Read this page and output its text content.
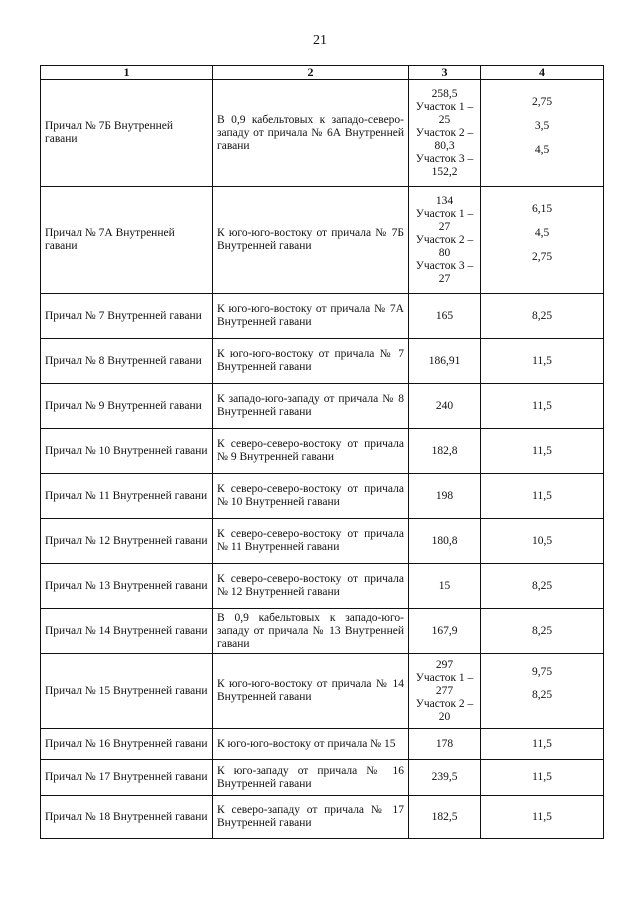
21
1	2	3	4
Причал № 7Б Внутренней гавани	В 0,9 кабельтовых к западо-северо-западу от причала № 6А Внутренней гавани	258,5
Участок 1 – 25
Участок 2 – 80,3
Участок 3 – 152,2	2,75
3,5
4,5

Причал № 7А Внутренней гавани	К юго-юго-востоку от причала № 7Б Внутренней гавани	134
Участок 1 – 27
Участок 2 – 80
Участок 3 – 27	6,15
4,5
2,75

Причал № 7 Внутренней гавани	К юго-юго-востоку от причала № 7А Внутренней гавани	165	8,25

Причал № 8 Внутренней гавани	К юго-юго-востоку от причала № 7 Внутренней гавани	186,91	11,5

Причал № 9 Внутренней гавани	К западо-юго-западу от причала № 8 Внутренней гавани	240	11,5

Причал № 10 Внутренней гавани	К северо-северо-востоку от причала № 9 Внутренней гавани	182,8	11,5

Причал № 11 Внутренней гавани	К северо-северо-востоку от причала № 10 Внутренней гавани	198	11,5

Причал № 12 Внутренней гавани	К северо-северо-востоку от причала № 11 Внутренней гавани	180,8	10,5

Причал № 13 Внутренней гавани	К северо-северо-востоку от причала № 12 Внутренней гавани	15	8,25

Причал № 14 Внутренней гавани	В 0,9 кабельтовых к западо-юго-западу от причала № 13 Внутренней гавани	167,9	8,25

Причал № 15 Внутренней гавани	К юго-юго-востоку от причала № 14 Внутренней гавани	297
Участок 1 – 277
Участок 2 – 20	9,75
8,25

Причал № 16 Внутренней гавани	К юго-юго-востоку от причала № 15	178	11,5

Причал № 17 Внутренней гавани	К юго-западу от причала № 16 Внутренней гавани	239,5	11,5

Причал № 18 Внутренней гавани	К северо-западу от причала № 17 Внутренней гавани	182,5	11,5
